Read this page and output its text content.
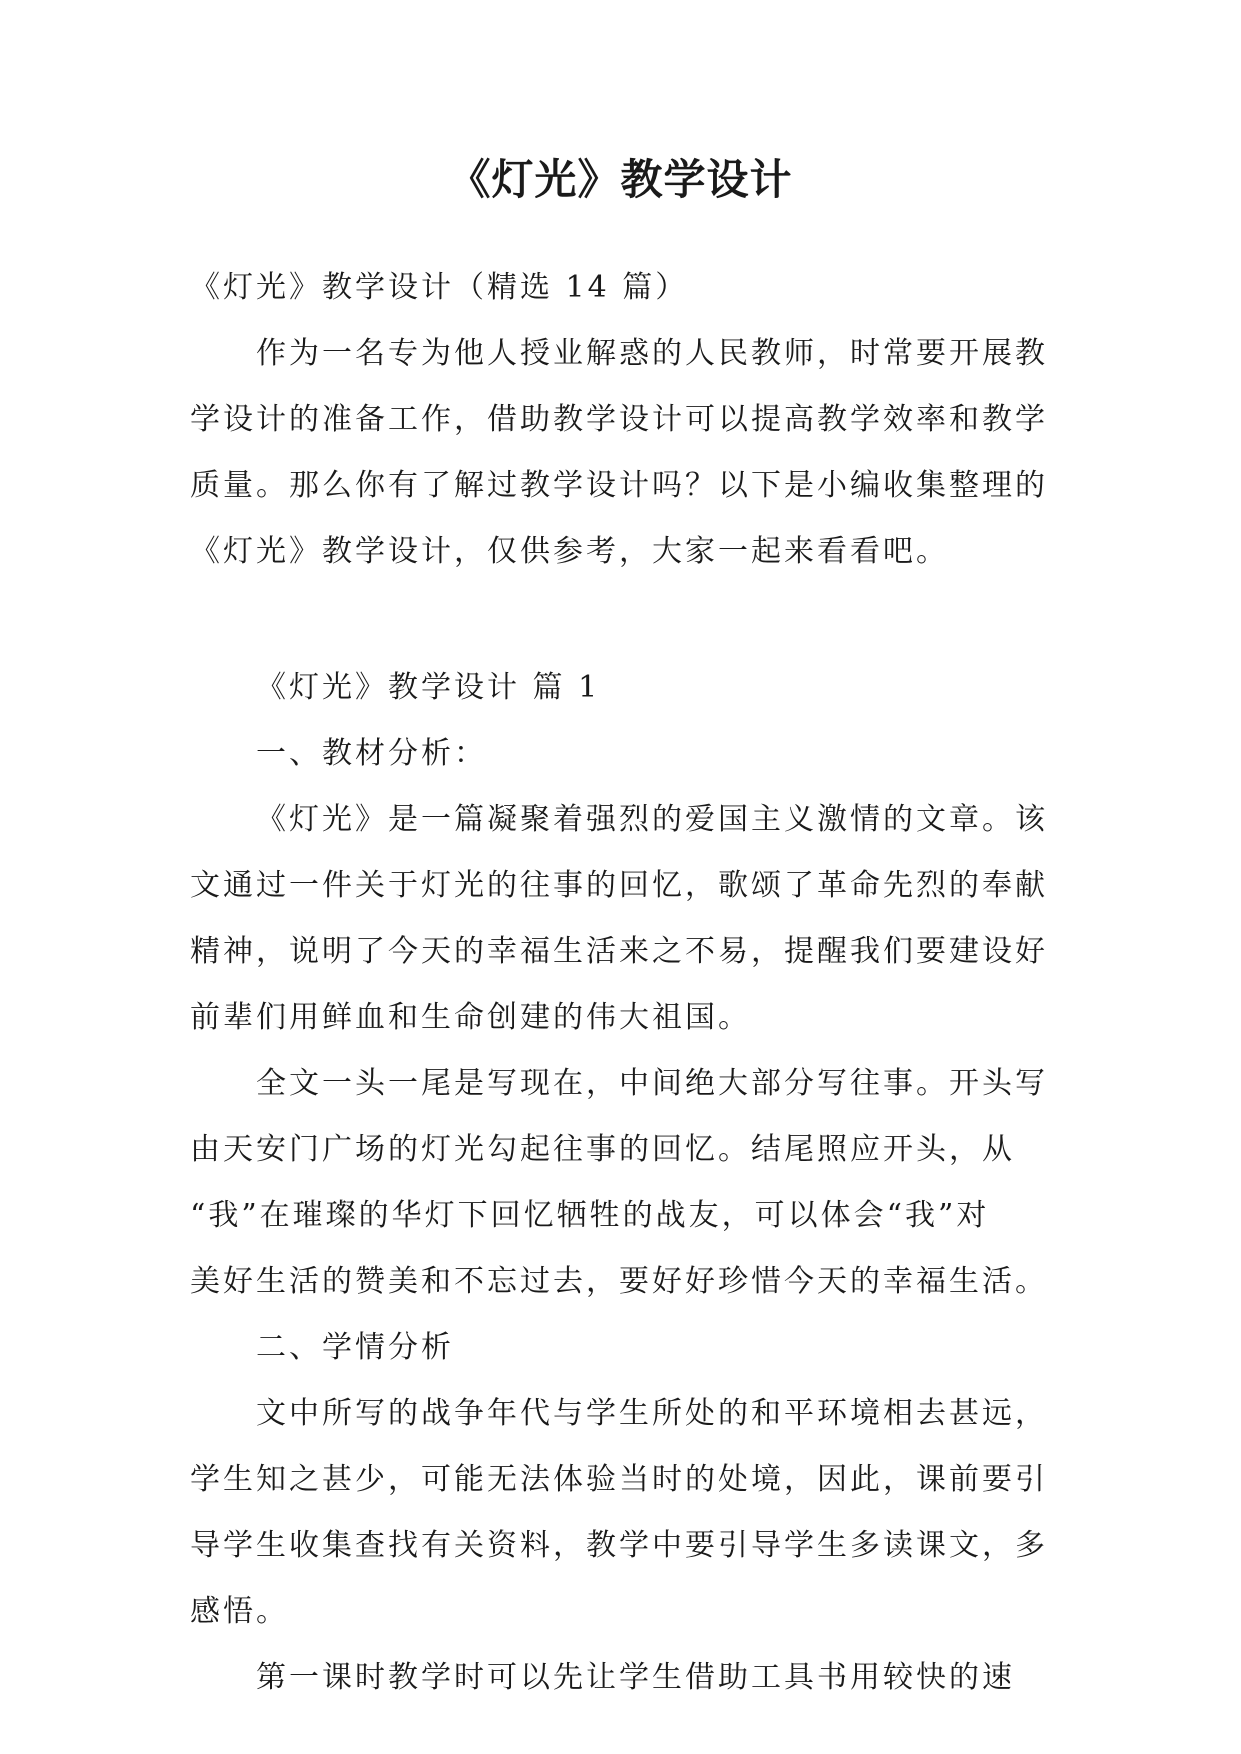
《灯光》教学设计
《灯光》教学设计（精选 14 篇）
作为一名专为他人授业解惑的人民教师，时常要开展教
学设计的准备工作，借助教学设计可以提高教学效率和教学
质量。那么你有了解过教学设计吗？以下是小编收集整理的
《灯光》教学设计，仅供参考，大家一起来看看吧。
《灯光》教学设计 篇 1
一、教材分析：
《灯光》是一篇凝聚着强烈的爱国主义激情的文章。该
文通过一件关于灯光的往事的回忆，歌颂了革命先烈的奉献
精神，说明了今天的幸福生活来之不易，提醒我们要建设好
前辈们用鲜血和生命创建的伟大祖国。
全文一头一尾是写现在，中间绝大部分写往事。开头写
由天安门广场的灯光勾起往事的回忆。结尾照应开头，从
“我”在璀璨的华灯下回忆牺牲的战友，可以体会“我”对
美好生活的赞美和不忘过去，要好好珍惜今天的幸福生活。
二、学情分析
文中所写的战争年代与学生所处的和平环境相去甚远，
学生知之甚少，可能无法体验当时的处境，因此，课前要引
导学生收集查找有关资料，教学中要引导学生多读课文，多
感悟。
第一课时教学时可以先让学生借助工具书用较快的速
